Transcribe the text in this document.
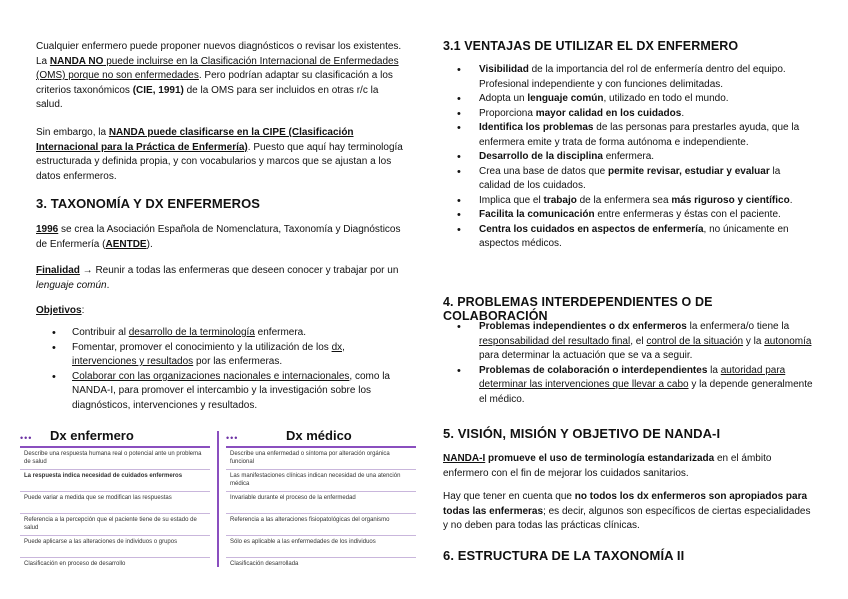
Cualquier enfermero puede proponer nuevos diagnósticos o revisar los existentes. La NANDA NO puede incluirse en la Clasificación Internacional de Enfermedades (OMS) porque no son enfermedades. Pero podrían adaptar su clasificación a los criterios taxonómicos (CIE, 1991) de la OMS para ser incluidos en otras r/c la salud.

Sin embargo, la NANDA puede clasificarse en la CIPE (Clasificación Internacional para la Práctica de Enfermería). Puesto que aquí hay terminología estructurada y definida propia, y con vocabularios y marcos que se ajustan a los datos enfermeros.

3. TAXONOMÍA Y DX ENFERMEROS

1996 se crea la Asociación Española de Nomenclatura, Taxonomía y Diagnósticos de Enfermería (AENTDE).

Finalidad → Reunir a todas las enfermeras que deseen conocer y trabajar por un lenguaje común.

Objetivos:

• Contribuir al desarrollo de la terminología enfermera.
• Fomentar, promover el conocimiento y la utilización de los dx, intervenciones y resultados por las enfermeras.
• Colaborar con las organizaciones nacionales e internacionales, como la NANDA-I, para promover el intercambio y la investigación sobre los diagnósticos, intervenciones y resultados.
••• Dx enfermero
Describe una respuesta humana real o potencial ante un problema de salud
La respuesta indica necesidad de cuidados enfermeros
Puede variar a medida que se modifican las respuestas
Referencia a la percepción que el paciente tiene de su estado de salud
Puede aplicarse a las alteraciones de individuos o grupos
Clasificación en proceso de desarrollo
•••	Dx médico
Describe una enfermedad o síntoma por alteración orgánica funcional
Las manifestaciones clínicas indican necesidad de una atención médica
Invariable durante el proceso de la enfermedad
Referencia a las alteraciones fisiopatológicas del organismo
Sólo es aplicable a las enfermedades de los individuos
Clasificación desarrollada
3.1 VENTAJAS DE UTILIZAR EL DX ENFERMERO
• Visibilidad de la importancia del rol de enfermería dentro del equipo. Profesional independiente y con funciones delimitadas.
• Adopta un lenguaje común, utilizado en todo el mundo.
• Proporciona mayor calidad en los cuidados.
• Identifica los problemas de las personas para prestarles ayuda, que la enfermera emite y trata de forma autónoma e independiente.
• Desarrollo de la disciplina enfermera.
• Crea una base de datos que permite revisar, estudiar y evaluar la calidad de los cuidados.
• Implica que el trabajo de la enfermera sea más riguroso y científico.
• Facilita la comunicación entre enfermeras y éstas con el paciente.
• Centra los cuidados en aspectos de enfermería, no únicamente en aspectos médicos.
4. PROBLEMAS INTERDEPENDIENTES O DE COLABORACIÓN
• Problemas independientes o dx enfermeros la enfermera/o tiene la responsabilidad del resultado final, el control de la situación y la autonomía para determinar la actuación que se va a seguir.
• Problemas de colaboración o interdependientes la autoridad para determinar las intervenciones que llevar a cabo y la depende generalmente el médico.
5. VISIÓN, MISIÓN Y OBJETIVO DE NANDA-I

NANDA-I promueve el uso de terminología estandarizada en el ámbito enfermero con el fin de mejorar los cuidados sanitarios.

Hay que tener en cuenta que no todos los dx enfermeros son apropiados para todas las enfermeras; es decir, algunos son específicos de ciertas especialidades y no deben para todas las prácticas clínicas.

6. ESTRUCTURA DE LA TAXONOMÍA II
